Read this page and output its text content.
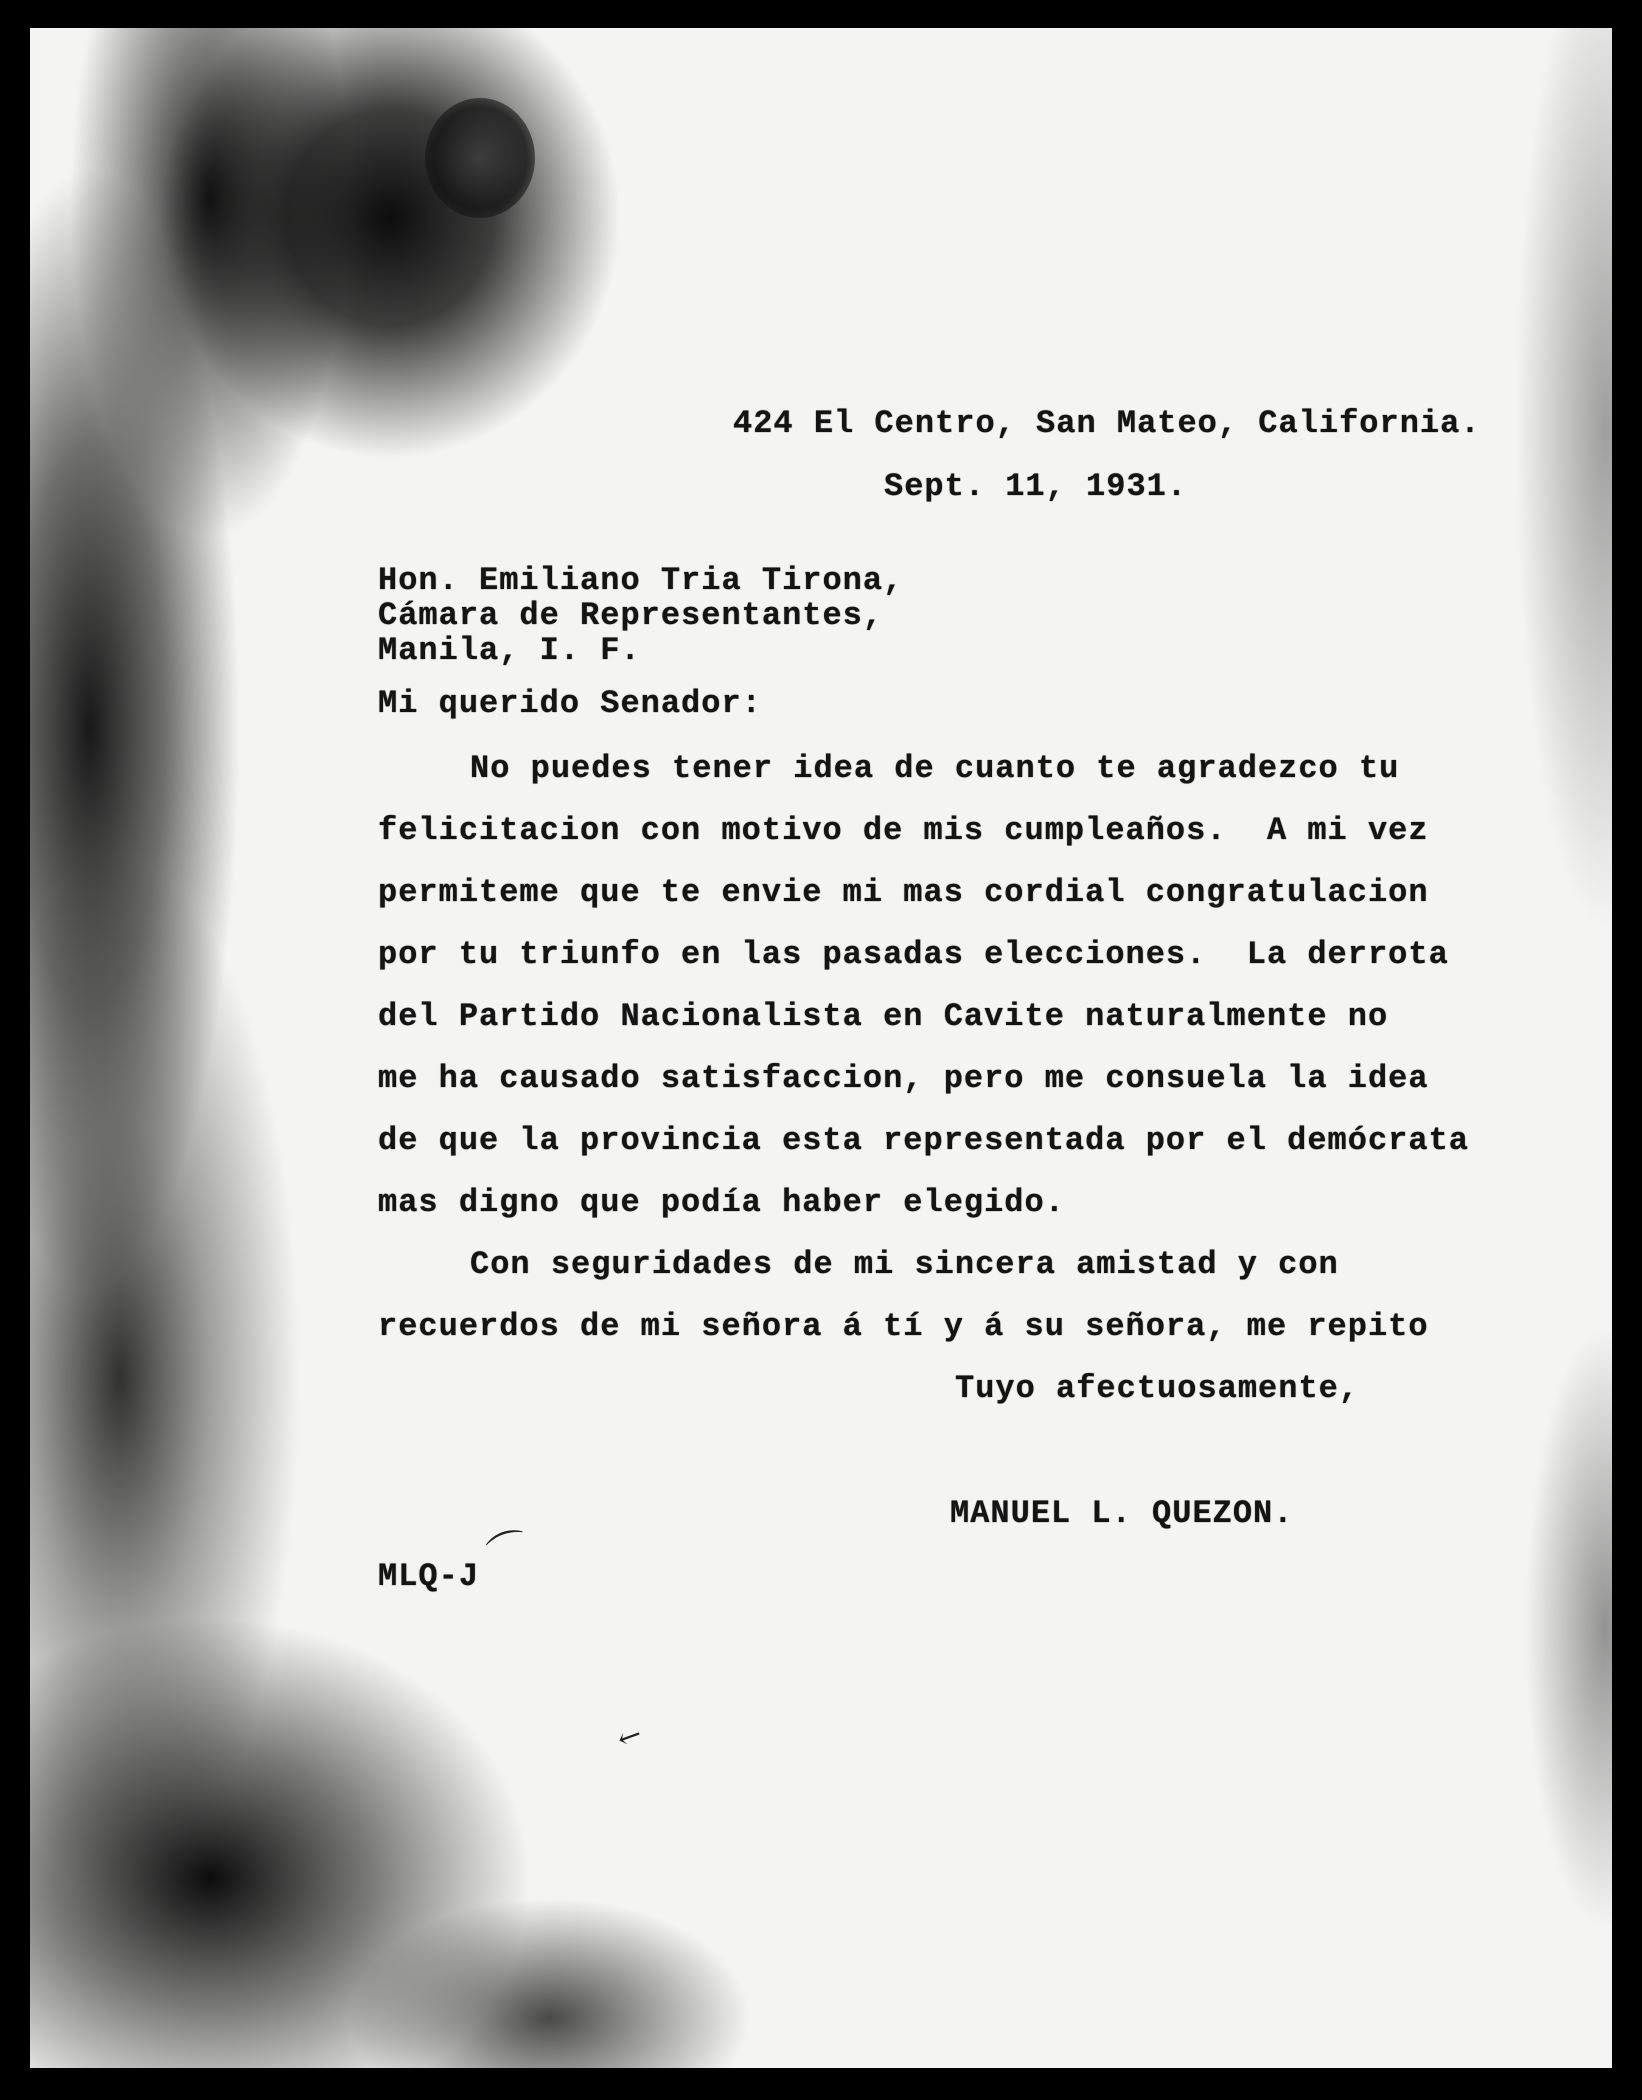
424 El Centro, San Mateo, California.
Sept. 11, 1931.
Hon. Emiliano Tria Tirona,
Cámara de Representantes,
Manila, I. F.
Mi querido Senador:
No puedes tener idea de cuanto te agradezco tu
felicitacion con motivo de mis cumpleaños.  A mi vez
permiteme que te envie mi mas cordial congratulacion
por tu triunfo en las pasadas elecciones.  La derrota
del Partido Nacionalista en Cavite naturalmente no
me ha causado satisfaccion, pero me consuela la idea
de que la provincia esta representada por el demócrata
mas digno que podía haber elegido.
Con seguridades de mi sincera amistad y con
recuerdos de mi señora á tí y á su señora, me repito
Tuyo afectuosamente,
MANUEL L. QUEZON.
MLQ-J ⌒
↙
